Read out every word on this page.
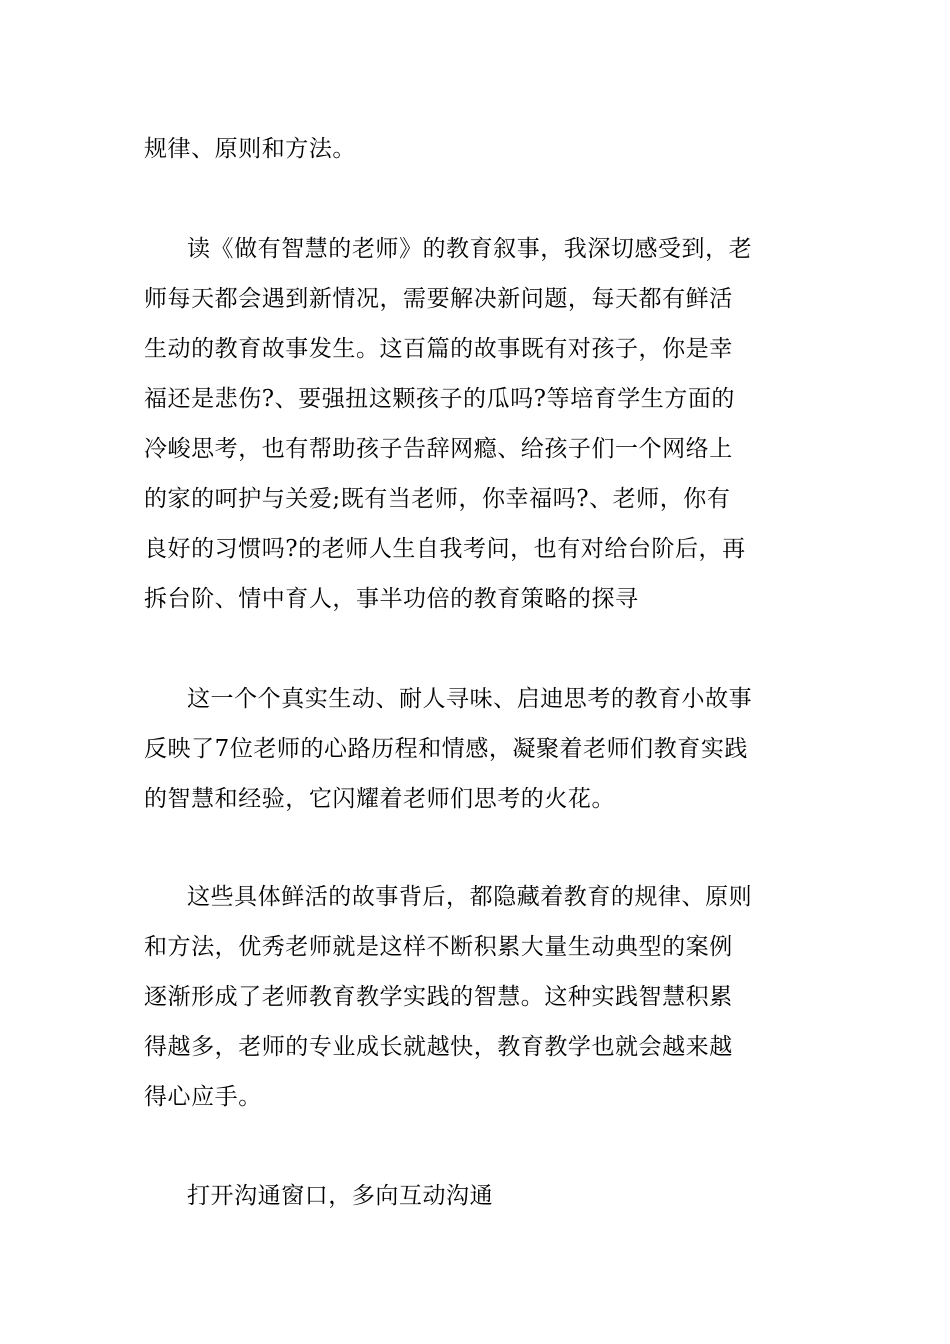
规律、原则和方法。
读《做有智慧的老师》的教育叙事，我深切感受到，老
师每天都会遇到新情况，需要解决新问题，每天都有鲜活
生动的教育故事发生。这百篇的故事既有对孩子，你是幸
福还是悲伤?、要强扭这颗孩子的瓜吗?等培育学生方面的
冷峻思考，也有帮助孩子告辞网瘾、给孩子们一个网络上
的家的呵护与关爱;既有当老师，你幸福吗?、老师，你有
良好的习惯吗?的老师人生自我考问，也有对给台阶后，再
拆台阶、情中育人，事半功倍的教育策略的探寻
这一个个真实生动、耐人寻味、启迪思考的教育小故事
反映了7位老师的心路历程和情感，凝聚着老师们教育实践
的智慧和经验，它闪耀着老师们思考的火花。
这些具体鲜活的故事背后，都隐藏着教育的规律、原则
和方法，优秀老师就是这样不断积累大量生动典型的案例
逐渐形成了老师教育教学实践的智慧。这种实践智慧积累
得越多，老师的专业成长就越快，教育教学也就会越来越
得心应手。
打开沟通窗口，多向互动沟通
